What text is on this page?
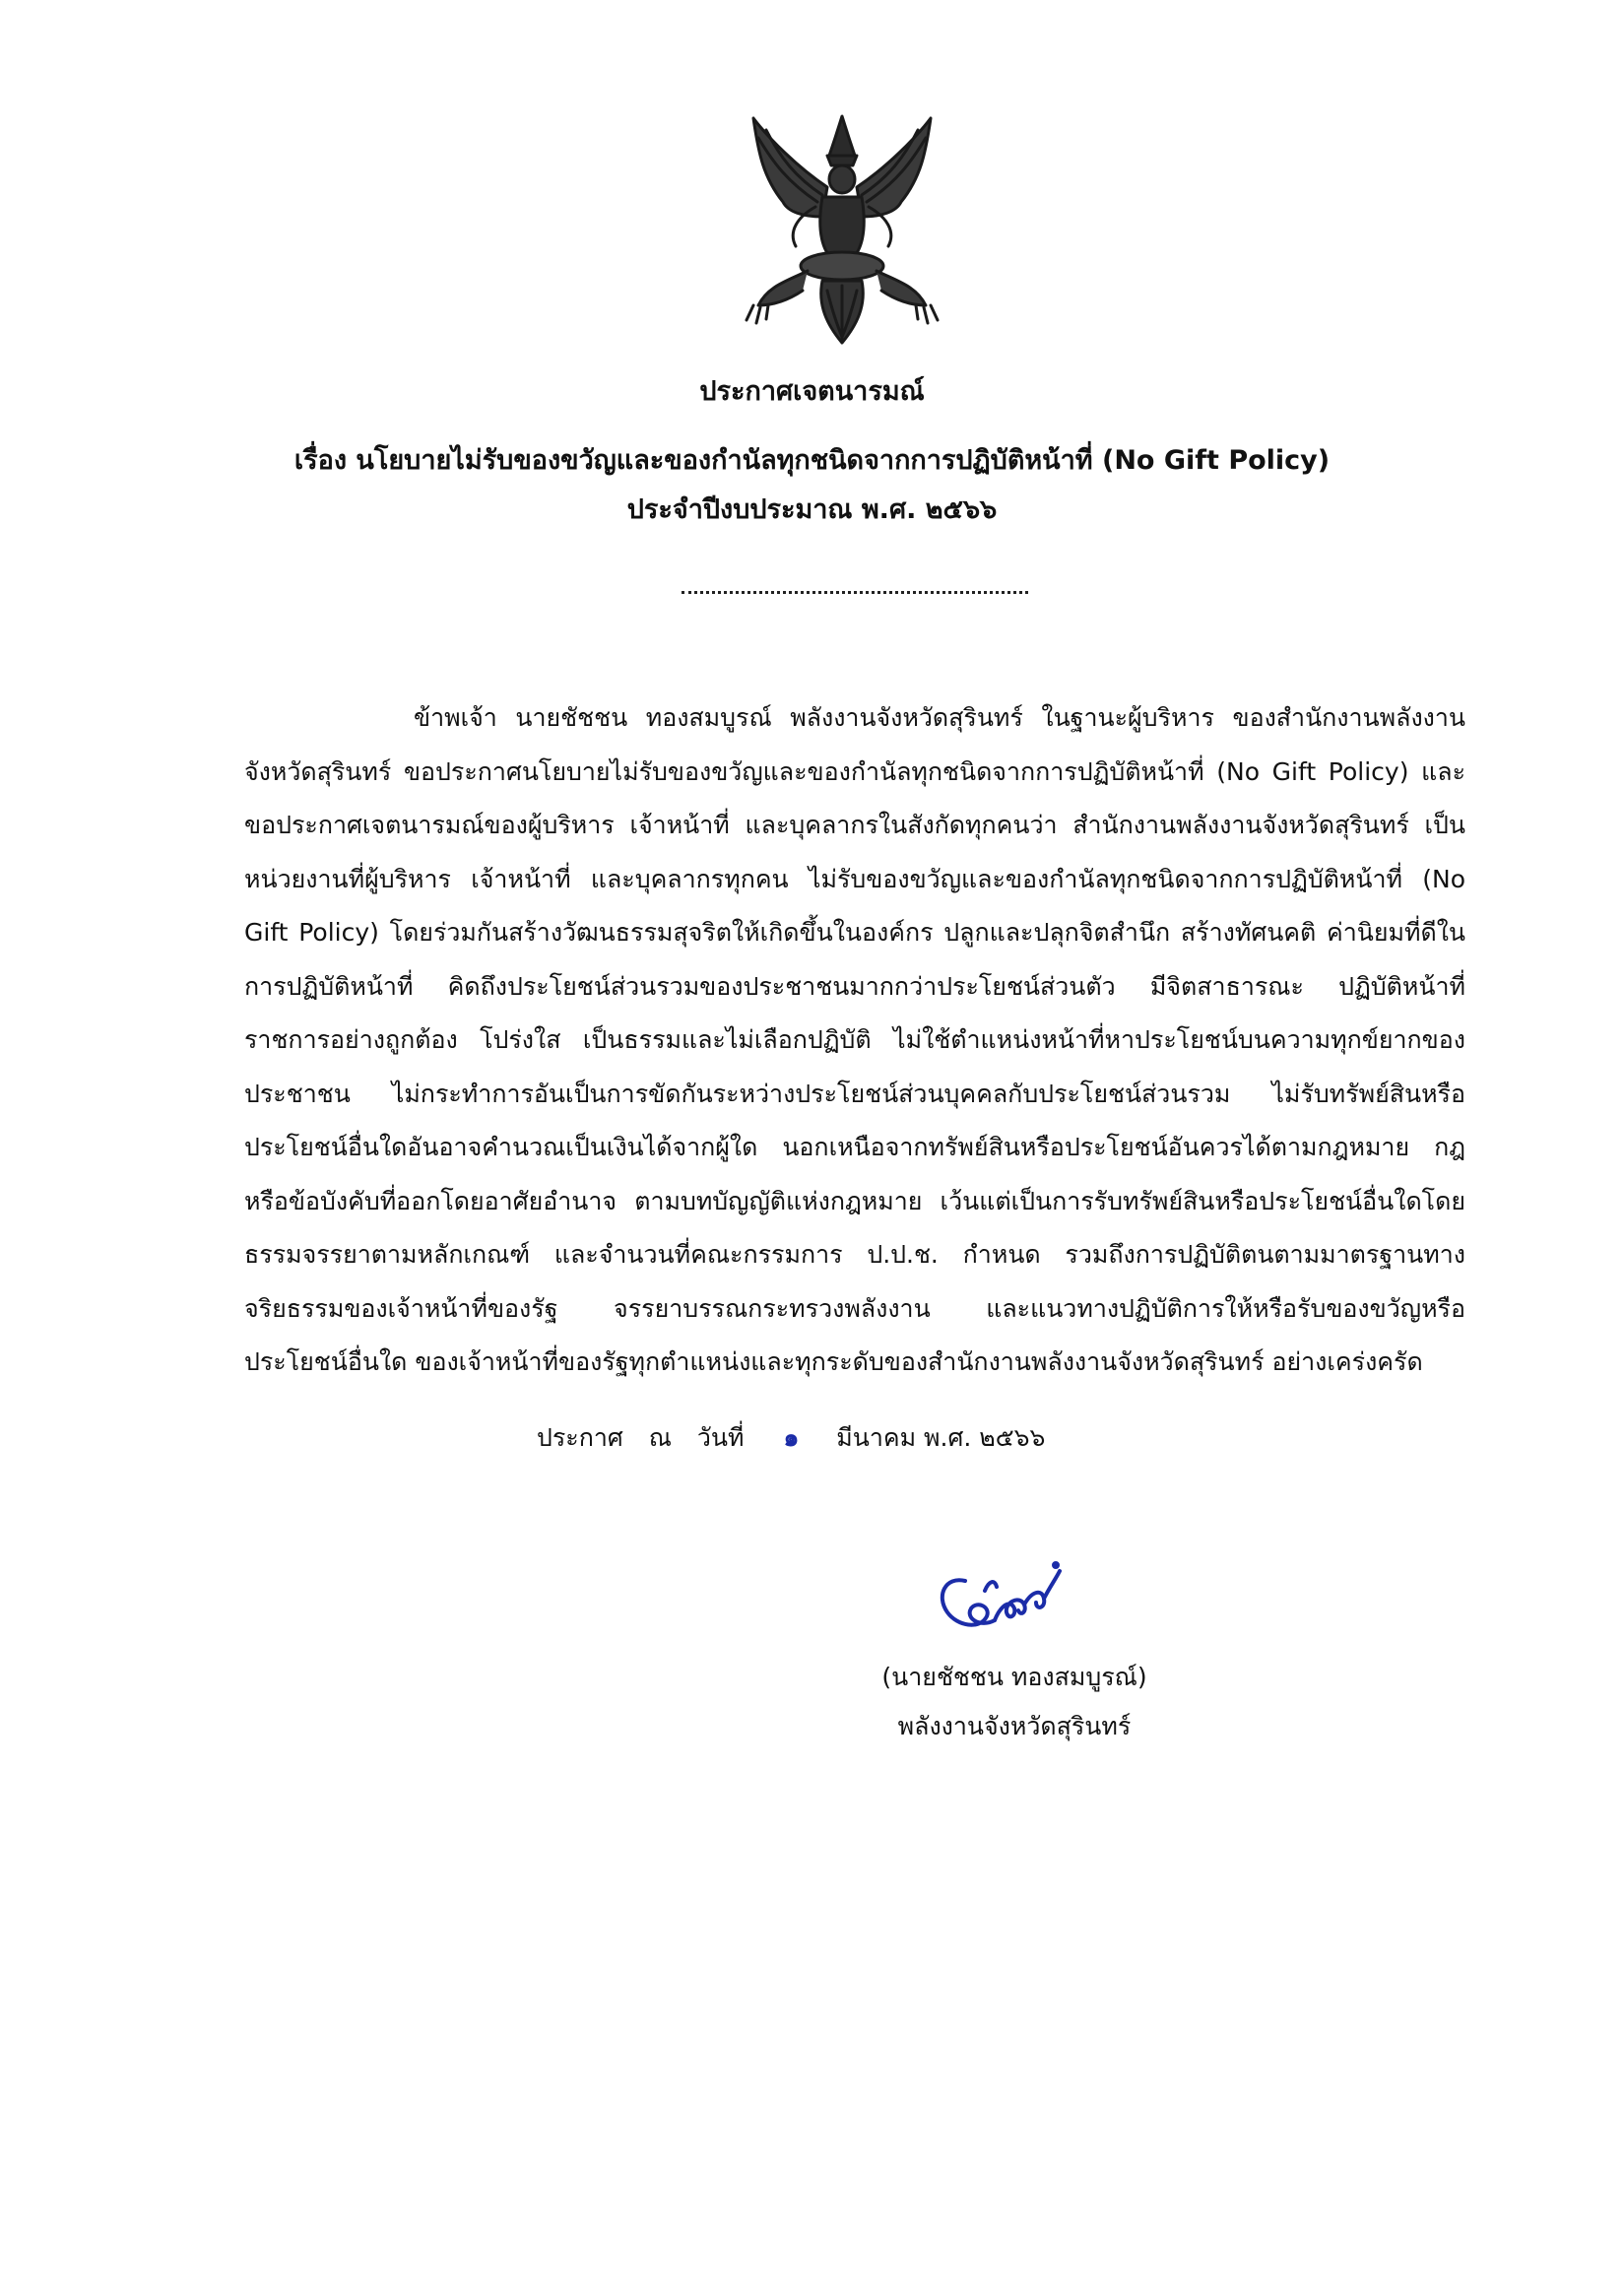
ประกาศเจตนารมณ์
เรื่อง นโยบายไม่รับของขวัญและของกำนัลทุกชนิดจากการปฏิบัติหน้าที่ (No Gift Policy)
ประจำปีงบประมาณ พ.ศ. ๒๕๖๖

ข้าพเจ้า นายชัชชน ทองสมบูรณ์ พลังงานจังหวัดสุรินทร์ ในฐานะผู้บริหาร ของสำนักงานพลังงานจังหวัดสุรินทร์ ขอประกาศนโยบายไม่รับของขวัญและของกำนัลทุกชนิดจากการปฏิบัติหน้าที่ (No Gift Policy) และขอประกาศเจตนารมณ์ของผู้บริหาร เจ้าหน้าที่ และบุคลากรในสังกัดทุกคนว่า สำนักงานพลังงานจังหวัดสุรินทร์ เป็นหน่วยงานที่ผู้บริหาร เจ้าหน้าที่ และบุคลากรทุกคน ไม่รับของขวัญและของกำนัลทุกชนิดจากการปฏิบัติหน้าที่ (No Gift Policy) โดยร่วมกันสร้างวัฒนธรรมสุจริตให้เกิดขึ้นในองค์กร ปลูกและปลุกจิตสำนึก สร้างทัศนคติ ค่านิยมที่ดีในการปฏิบัติหน้าที่ คิดถึงประโยชน์ส่วนรวมของประชาชนมากกว่าประโยชน์ส่วนตัว มีจิตสาธารณะ ปฏิบัติหน้าที่ราชการอย่างถูกต้อง โปร่งใส เป็นธรรมและไม่เลือกปฏิบัติ ไม่ใช้ตำแหน่งหน้าที่หาประโยชน์บนความทุกข์ยากของประชาชน ไม่กระทำการอันเป็นการขัดกันระหว่างประโยชน์ส่วนบุคคลกับประโยชน์ส่วนรวม ไม่รับทรัพย์สินหรือประโยชน์อื่นใดอันอาจคำนวณเป็นเงินได้จากผู้ใด นอกเหนือจากทรัพย์สินหรือประโยชน์อันควรได้ตามกฎหมาย กฎ หรือข้อบังคับที่ออกโดยอาศัยอำนาจ ตามบทบัญญัติแห่งกฎหมาย เว้นแต่เป็นการรับทรัพย์สินหรือประโยชน์อื่นใดโดยธรรมจรรยาตามหลักเกณฑ์ และจำนวนที่คณะกรรมการ ป.ป.ช. กำหนด รวมถึงการปฏิบัติตนตามมาตรฐานทางจริยธรรมของเจ้าหน้าที่ของรัฐ จรรยาบรรณกระทรวงพลังงาน และแนวทางปฏิบัติการให้หรือรับของขวัญหรือประโยชน์อื่นใด ของเจ้าหน้าที่ของรัฐทุกตำแหน่งและทุกระดับของสำนักงานพลังงานจังหวัดสุรินทร์ อย่างเคร่งครัด

ประกาศ ณ วันที่ ๑ มีนาคม พ.ศ. ๒๕๖๖
(นายชัชชน ทองสมบูรณ์)
พลังงานจังหวัดสุรินทร์
